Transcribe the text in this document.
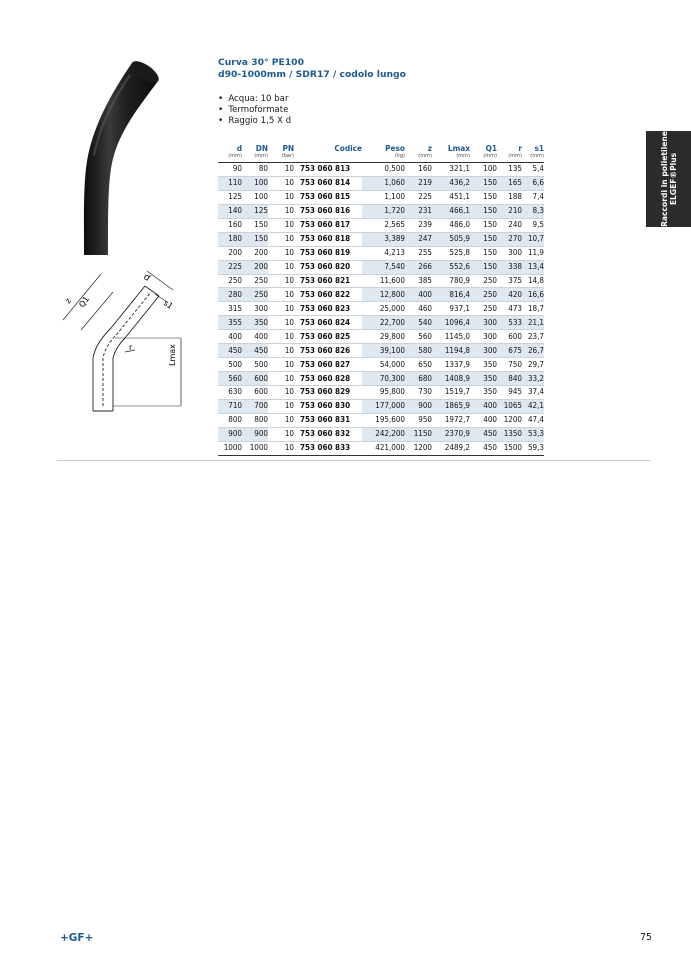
d
z Q1	s1
r	Lmax
Curva 30° PE100
d90-1000mm / SDR17 / codolo lungo
• Acqua: 10 bar
• Termoformate
• Raggio 1,5 X d
Raccordi in polietilene ELGEF®Plus
d	DN	PN	Codice	Peso	z	Lmax	Q1	r	s1
(mm)	(mm)	(bar)		(kg)	(mm)	(mm)	(mm)	(mm)	(mm)
90	80	10	753 060 813	0,500	160	321,1	100	135	5,4
110	100	10	753 060 814	1,060	219	436,2	150	165	6,6
125	100	10	753 060 815	1,100	225	451,1	150	188	7,4
140	125	10	753 060 816	1,720	231	466,1	150	210	8,3
160	150	10	753 060 817	2,565	239	486,0	150	240	9,5
180	150	10	753 060 818	3,389	247	505,9	150	270	10,7
200	200	10	753 060 819	4,213	255	525,8	150	300	11,9
225	200	10	753 060 820	7,540	266	552,6	150	338	13,4
250	250	10	753 060 821	11,600	385	780,9	250	375	14,8
280	250	10	753 060 822	12,800	400	816,4	250	420	16,6
315	300	10	753 060 823	25,000	460	937,1	250	473	18,7
355	350	10	753 060 824	22,700	540	1096,4	300	533	21,1
400	400	10	753 060 825	29,800	560	1145,0	300	600	23,7
450	450	10	753 060 826	39,100	580	1194,8	300	675	26,7
500	500	10	753 060 827	54,000	650	1337,9	350	750	29,7
560	600	10	753 060 828	70,300	680	1408,9	350	840	33,2
630	600	10	753 060 829	95,800	730	1519,7	350	945	37,4
710	700	10	753 060 830	177,000	900	1865,9	400	1065	42,1
800	800	10	753 060 831	195,600	950	1972,7	400	1200	47,4
900	900	10	753 060 832	242,200	1150	2370,9	450	1350	53,3
1000	1000	10	753 060 833	421,000	1200	2489,2	450	1500	59,3
+GF+	75
